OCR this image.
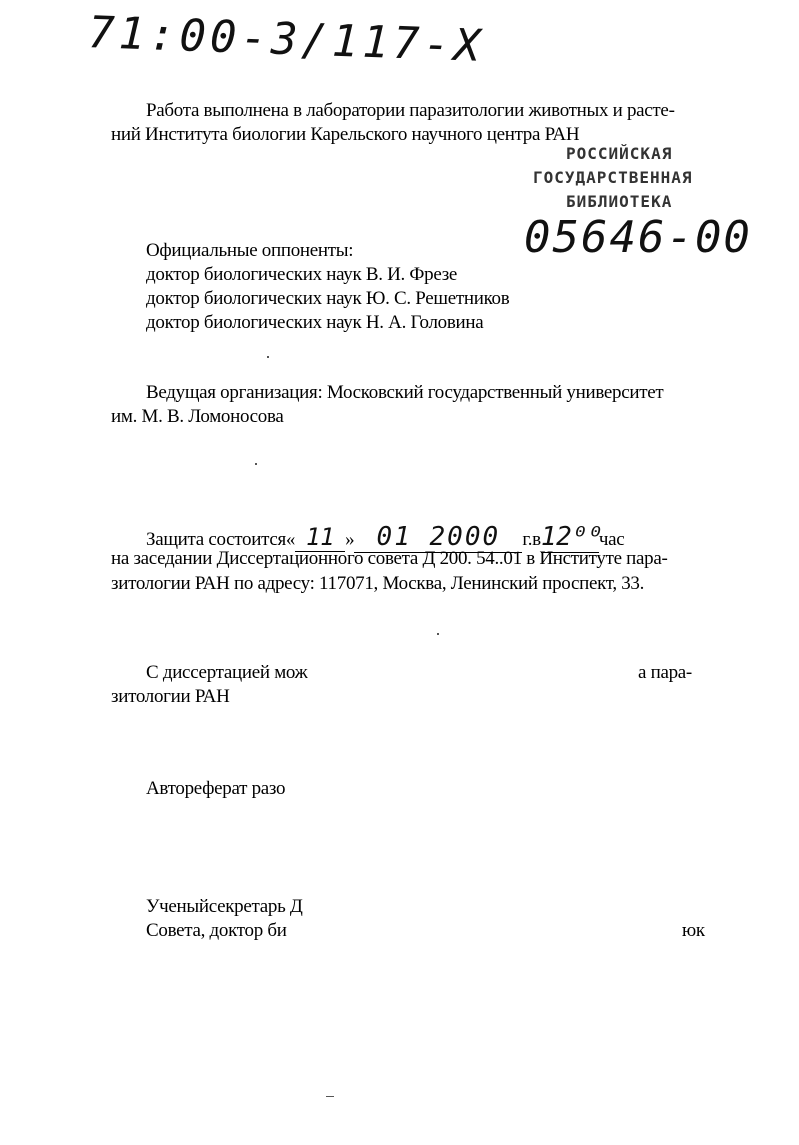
71:00-3/117-X
Работа выполнена в лаборатории паразитологии животных и расте-
ний Института биологии Карельского научного центра РАН
РОССИЙСКАЯ
ГОСУДАРСТВЕННАЯ
БИБЛИОТЕКА
05646-00
Официальные оппоненты:
доктор биологических наук В. И. Фрезе
доктор биологических наук Ю. С. Решетников
доктор биологических наук Н. А. Головина
Ведущая организация: Московский государственный университет
им. М. В. Ломоносова
Защита состоится« 11 » 01 2000 г.в12⁰⁰час
на заседании Диссертационного совета Д 200. 54..01 в Институте пара-
зитологии РАН по адресу: 117071, Москва, Ленинский проспект, 33.
С диссертацией мож	а пара-
зитологии РАН
Автореферат разо
Ученыйсекретарь Д
Совета, доктор би	юк
